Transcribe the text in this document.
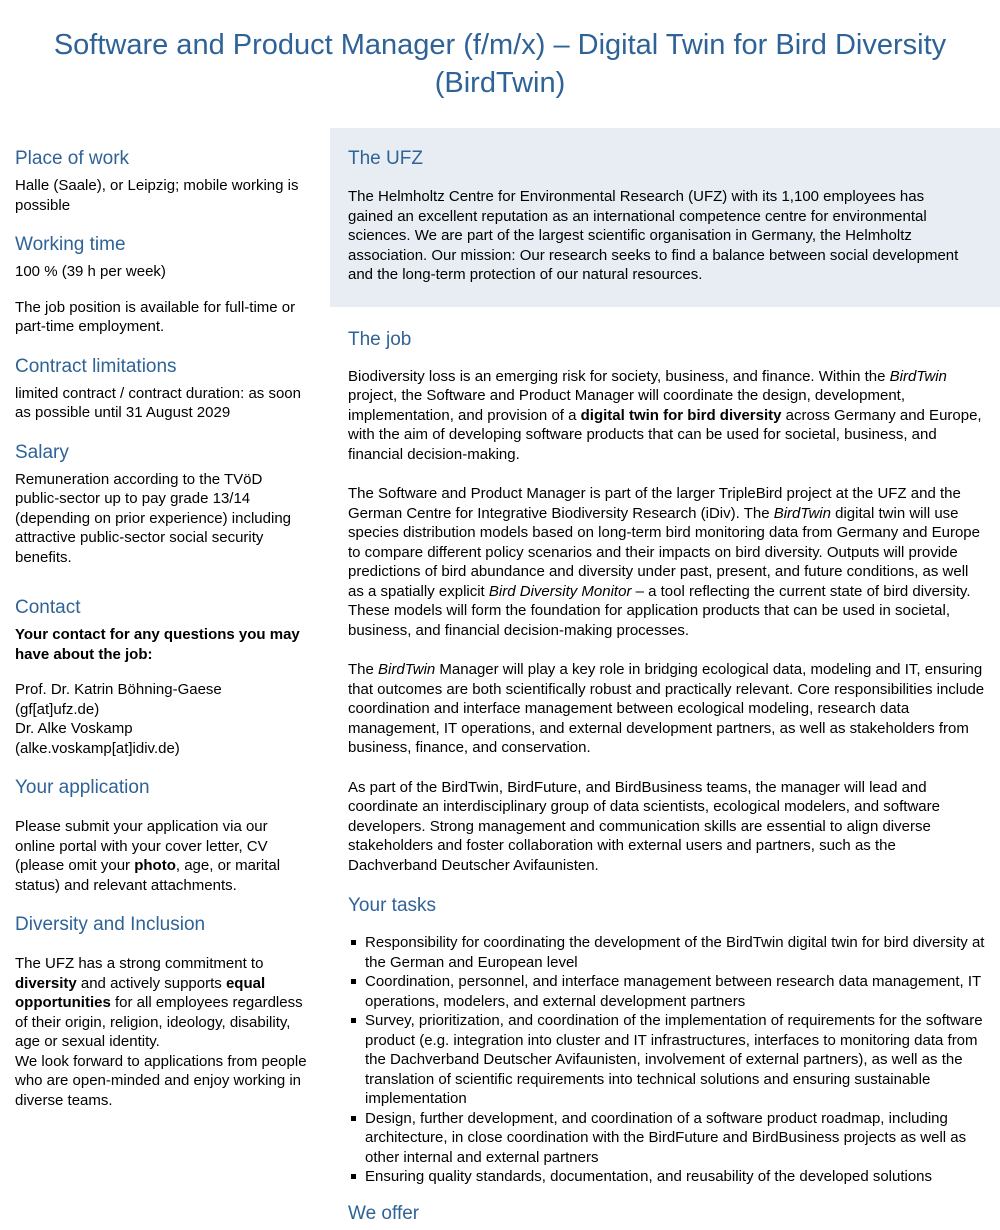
Software and Product Manager (f/m/x) – Digital Twin for Bird Diversity (BirdTwin)
Place of work

Halle (Saale), or Leipzig; mobile working is possible

Working time

100 % (39 h per week)

The job position is available for full-time or part-time employment.

Contract limitations

limited contract / contract duration: as soon as possible until 31 August 2029

Salary

Remuneration according to the TVöD public-sector up to pay grade 13/14 (depending on prior experience) including attractive public-sector social security benefits.

Contact

Your contact for any questions you may have about the job:

Prof. Dr. Katrin Böhning-Gaese
(gf[at]ufz.de)
Dr. Alke Voskamp
(alke.voskamp[at]idiv.de)

Your application

Please submit your application via our online portal with your cover letter, CV (please omit your photo, age, or marital status) and relevant attachments.

Diversity and Inclusion

The UFZ has a strong commitment to diversity and actively supports equal opportunities for all employees regardless of their origin, religion, ideology, disability, age or sexual identity.
We look forward to applications from people who are open-minded and enjoy working in diverse teams.

The UFZ

The Helmholtz Centre for Environmental Research (UFZ) with its 1,100 employees has gained an excellent reputation as an international competence centre for environmental sciences. We are part of the largest scientific organisation in Germany, the Helmholtz association. Our mission: Our research seeks to find a balance between social development and the long-term protection of our natural resources.

The job

Biodiversity loss is an emerging risk for society, business, and finance. Within the BirdTwin project, the Software and Product Manager will coordinate the design, development, implementation, and provision of a digital twin for bird diversity across Germany and Europe, with the aim of developing software products that can be used for societal, business, and financial decision-making.

The Software and Product Manager is part of the larger TripleBird project at the UFZ and the German Centre for Integrative Biodiversity Research (iDiv). The BirdTwin digital twin will use species distribution models based on long-term bird monitoring data from Germany and Europe to compare different policy scenarios and their impacts on bird diversity. Outputs will provide predictions of bird abundance and diversity under past, present, and future conditions, as well as a spatially explicit Bird Diversity Monitor – a tool reflecting the current state of bird diversity. These models will form the foundation for application products that can be used in societal, business, and financial decision-making processes.

The BirdTwin Manager will play a key role in bridging ecological data, modeling and IT, ensuring that outcomes are both scientifically robust and practically relevant. Core responsibilities include coordination and interface management between ecological modeling, research data management, IT operations, and external development partners, as well as stakeholders from business, finance, and conservation.

As part of the BirdTwin, BirdFuture, and BirdBusiness teams, the manager will lead and coordinate an interdisciplinary group of data scientists, ecological modelers, and software developers. Strong management and communication skills are essential to align diverse stakeholders and foster collaboration with external users and partners, such as the Dachverband Deutscher Avifaunisten.

Your tasks
Responsibility for coordinating the development of the BirdTwin digital twin for bird diversity at the German and European level
Coordination, personnel, and interface management between research data management, IT operations, modelers, and external development partners
Survey, prioritization, and coordination of the implementation of requirements for the software product (e.g. integration into cluster and IT infrastructures, interfaces to monitoring data from the Dachverband Deutscher Avifaunisten, involvement of external partners), as well as the translation of scientific requirements into technical solutions and ensuring sustainable implementation
Design, further development, and coordination of a software product roadmap, including architecture, in close coordination with the BirdFuture and BirdBusiness projects as well as other internal and external partners
Ensuring quality standards, documentation, and reusability of the developed solutions
We offer
